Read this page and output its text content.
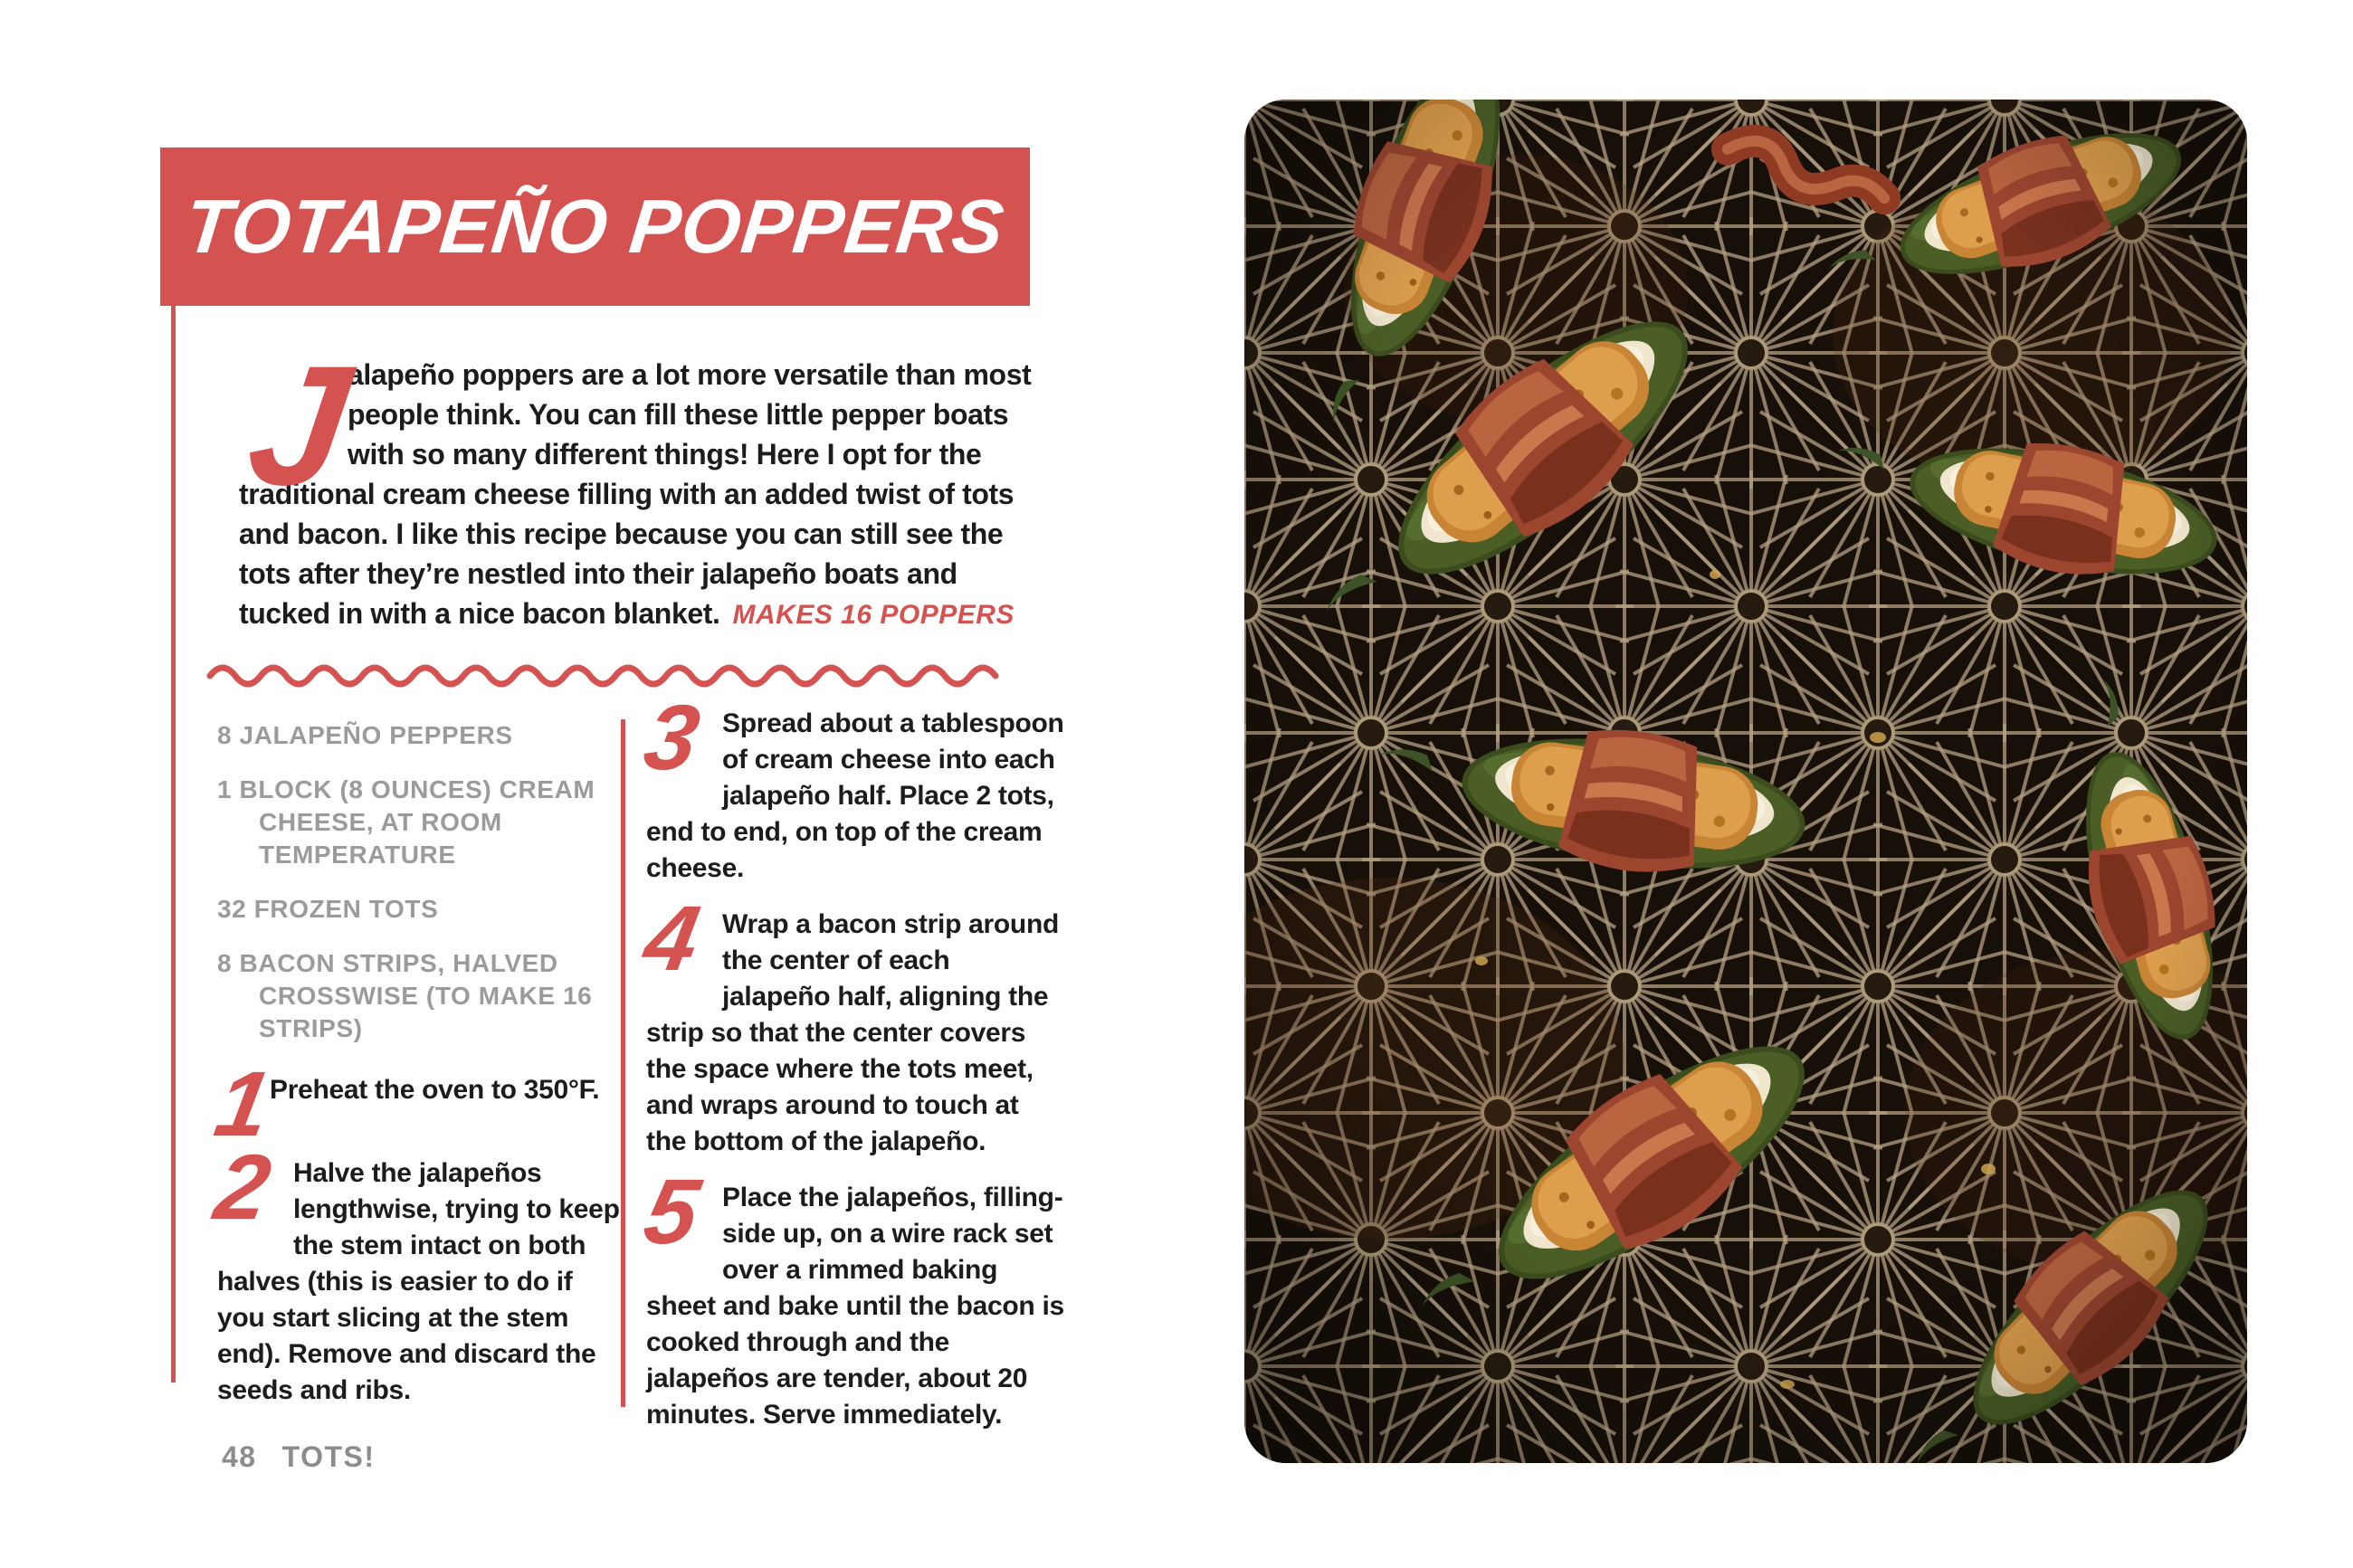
TOTAPEÑO POPPERS
J
alapeño poppers are a lot more versatile than most people think. You can fill these little pepper boats with so many different things! Here I opt for the traditional cream cheese filling with an added twist of tots and bacon. I like this recipe because you can still see the tots after they’re nestled into their jalapeño boats and tucked in with a nice bacon blanket. MAKES 16 POPPERS
8 JALAPEÑO PEPPERS
1 BLOCK (8 OUNCES) CREAM CHEESE, AT ROOM TEMPERATURE
32 FROZEN TOTS
8 BACON STRIPS, HALVED CROSSWISE (TO MAKE 16 STRIPS)
1
Preheat the oven to 350°F.
2 Halve the jalapeños lengthwise, trying to keep the stem intact on both halves (this is easier to do if you start slicing at the stem end). Remove and discard the seeds and ribs.
3 Spread about a tablespoon of cream cheese into each jalapeño half. Place 2 tots, end to end, on top of the cream cheese.
4 Wrap a bacon strip around the center of each jalapeño half, aligning the strip so that the center covers the space where the tots meet, and wraps around to touch at the bottom of the jalapeño.
5 Place the jalapeños, filling-side up, on a wire rack set over a rimmed baking sheet and bake until the bacon is cooked through and the jalapeños are tender, about 20 minutes. Serve immediately.
48 TOTS!
